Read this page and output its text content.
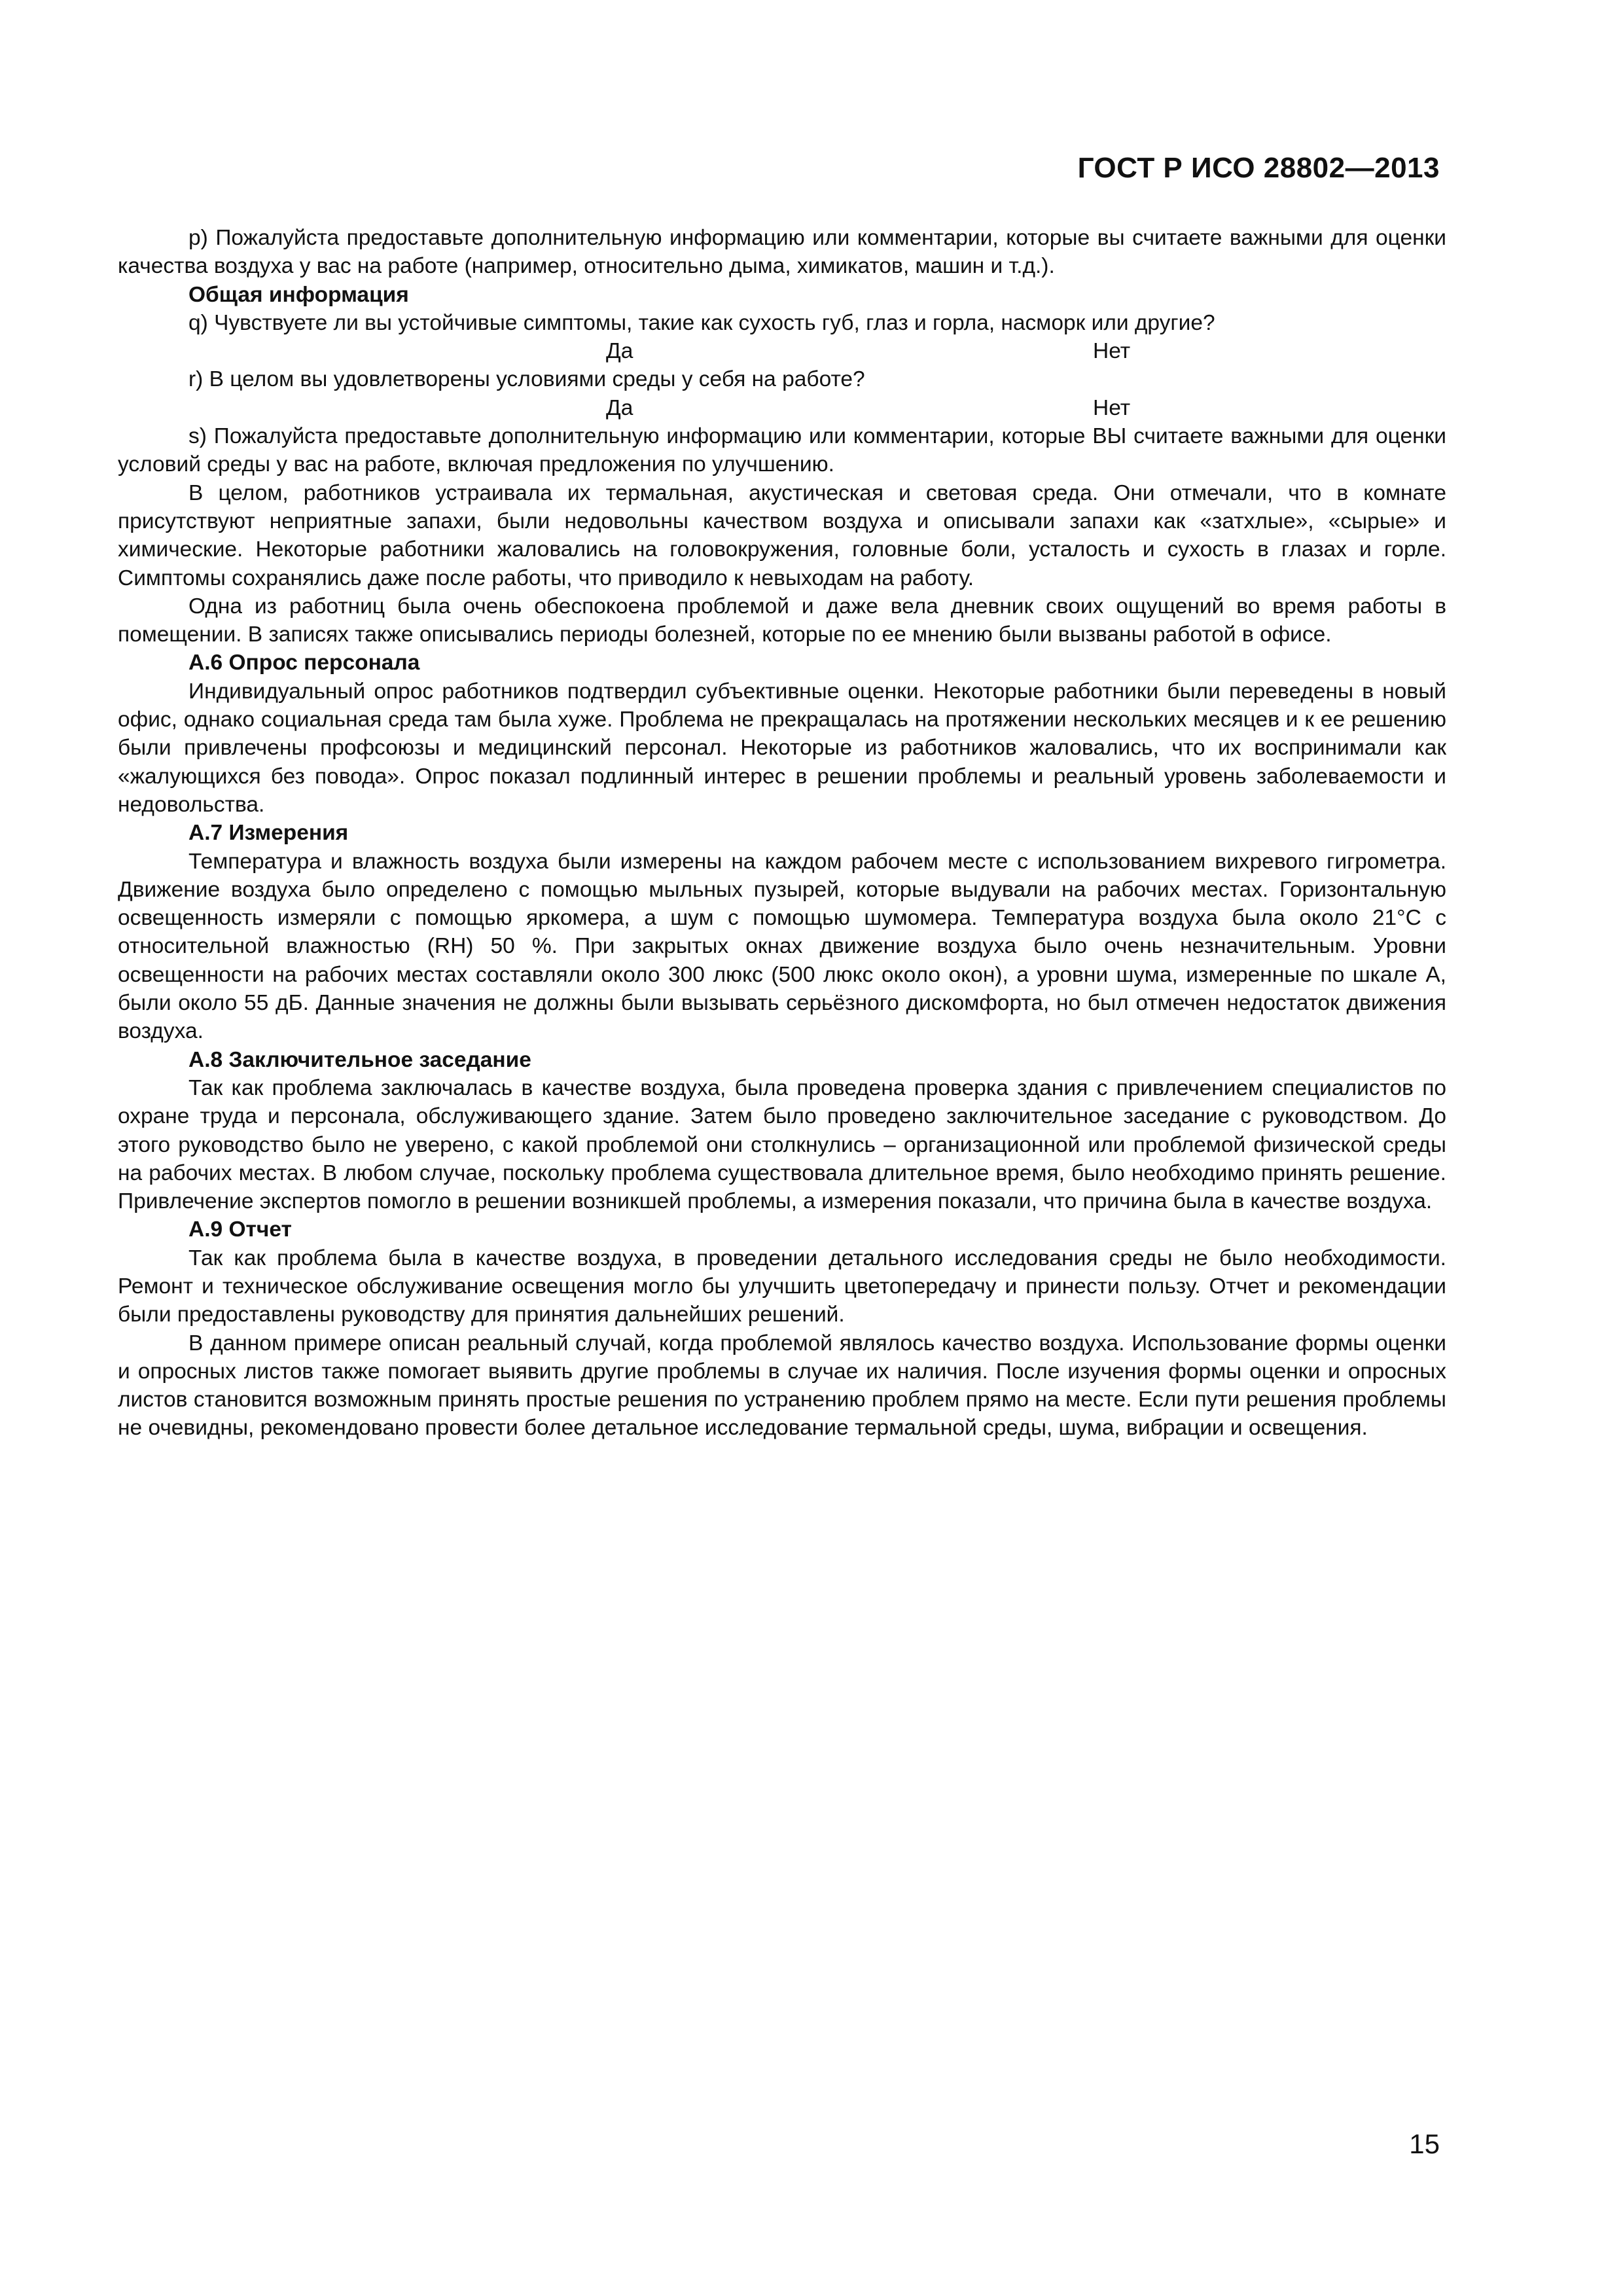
ГОСТ Р ИСО 28802—2013

р) Пожалуйста предоставьте дополнительную информацию или комментарии, которые вы считаете важными для оценки качества воздуха у вас на работе (например, относительно дыма, химикатов, машин и т.д.).

Общая информация

q) Чувствуете ли вы устойчивые симптомы, такие как сухость губ, глаз и горла, насморк или другие?

Да	Нет

r) В целом вы удовлетворены условиями среды у себя на работе?

Да	Нет

s) Пожалуйста предоставьте дополнительную информацию или комментарии, которые ВЫ считаете важными для оценки условий среды у вас на работе, включая предложения по улучшению.

В целом, работников устраивала их термальная, акустическая и световая среда. Они отмечали, что в комнате присутствуют неприятные запахи, были недовольны качеством воздуха и описывали запахи как «затхлые», «сырые» и химические. Некоторые работники жаловались на головокружения, головные боли, усталость и сухость в глазах и горле. Симптомы сохранялись даже после работы, что приводило к невыходам на работу.

Одна из работниц была очень обеспокоена проблемой и даже вела дневник своих ощущений во время работы в помещении. В записях также описывались периоды болезней, которые по ее мнению были вызваны работой в офисе.

А.6 Опрос персонала

Индивидуальный опрос работников подтвердил субъективные оценки. Некоторые работники были переведены в новый офис, однако социальная среда там была хуже. Проблема не прекращалась на протяжении нескольких месяцев и к ее решению были привлечены профсоюзы и медицинский персонал. Некоторые из работников жаловались, что их воспринимали как «жалующихся без повода». Опрос показал подлинный интерес в решении проблемы и реальный уровень заболеваемости и недовольства.

А.7 Измерения

Температура и влажность воздуха были измерены на каждом рабочем месте с использованием вихревого гигрометра. Движение воздуха было определено с помощью мыльных пузырей, которые выдували на рабочих местах. Горизонтальную освещенность измеряли с помощью яркомера, а шум с помощью шумомера. Температура воздуха была около 21°С с относительной влажностью (RH) 50 %. При закрытых окнах движение воздуха было очень незначительным. Уровни освещенности на рабочих местах составляли около 300 люкс (500 люкс около окон), а уровни шума, измеренные по шкале А, были около 55 дБ. Данные значения не должны были вызывать серьёзного дискомфорта, но был отмечен недостаток движения воздуха.

А.8 Заключительное заседание

Так как проблема заключалась в качестве воздуха, была проведена проверка здания с привлечением специалистов по охране труда и персонала, обслуживающего здание. Затем было проведено заключительное заседание с руководством. До этого руководство было не уверено, с какой проблемой они столкнулись – организационной или проблемой физической среды на рабочих местах. В любом случае, поскольку проблема существовала длительное время, было необходимо принять решение. Привлечение экспертов помогло в решении возникшей проблемы, а измерения показали, что причина была в качестве воздуха.

А.9 Отчет

Так как проблема была в качестве воздуха, в проведении детального исследования среды не было необходимости. Ремонт и техническое обслуживание освещения могло бы улучшить цветопередачу и принести пользу. Отчет и рекомендации были предоставлены руководству для принятия дальнейших решений.

В данном примере описан реальный случай, когда проблемой являлось качество воздуха. Использование формы оценки и опросных листов также помогает выявить другие проблемы в случае их наличия. После изучения формы оценки и опросных листов становится возможным принять простые решения по устранению проблем прямо на месте. Если пути решения проблемы не очевидны, рекомендовано провести более детальное исследование термальной среды, шума, вибрации и освещения.

15
